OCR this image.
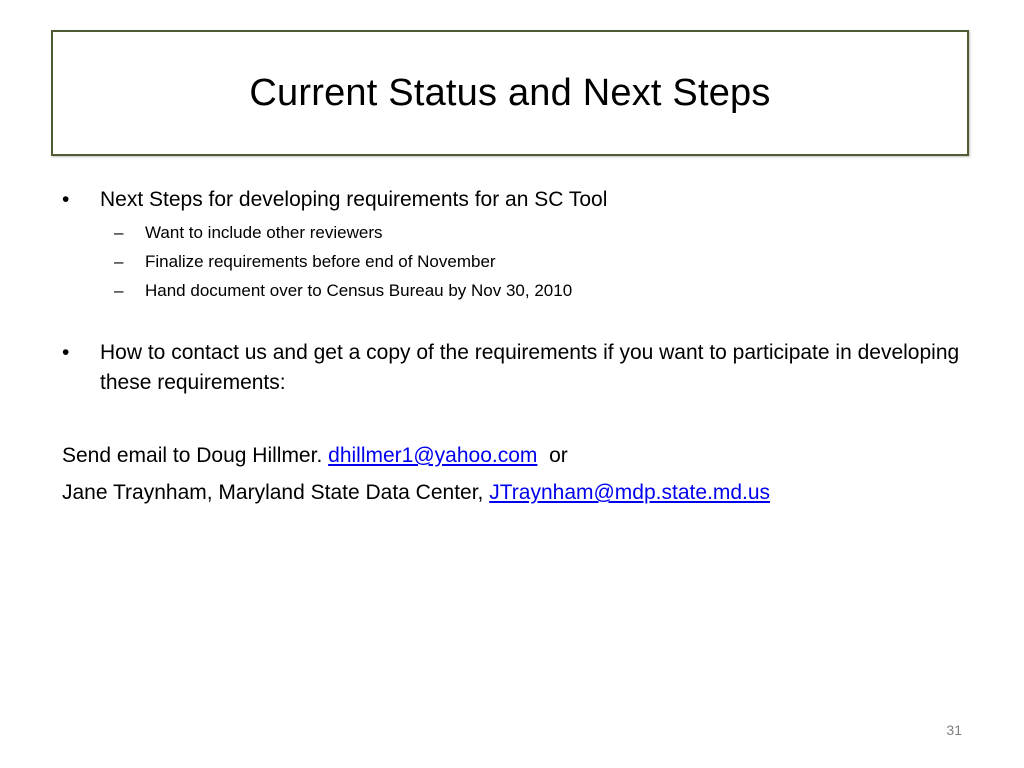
Current Status and Next Steps
• Next Steps for developing requirements for an SC Tool
– Want to include other reviewers
– Finalize requirements before end of November
– Hand document over to Census Bureau by Nov 30, 2010
• How to contact us and get a copy of the requirements if you want to participate in developing these requirements:
Send email to Doug Hillmer. dhillmer1@yahoo.com or
Jane Traynham, Maryland State Data Center, JTraynham@mdp.state.md.us
31
